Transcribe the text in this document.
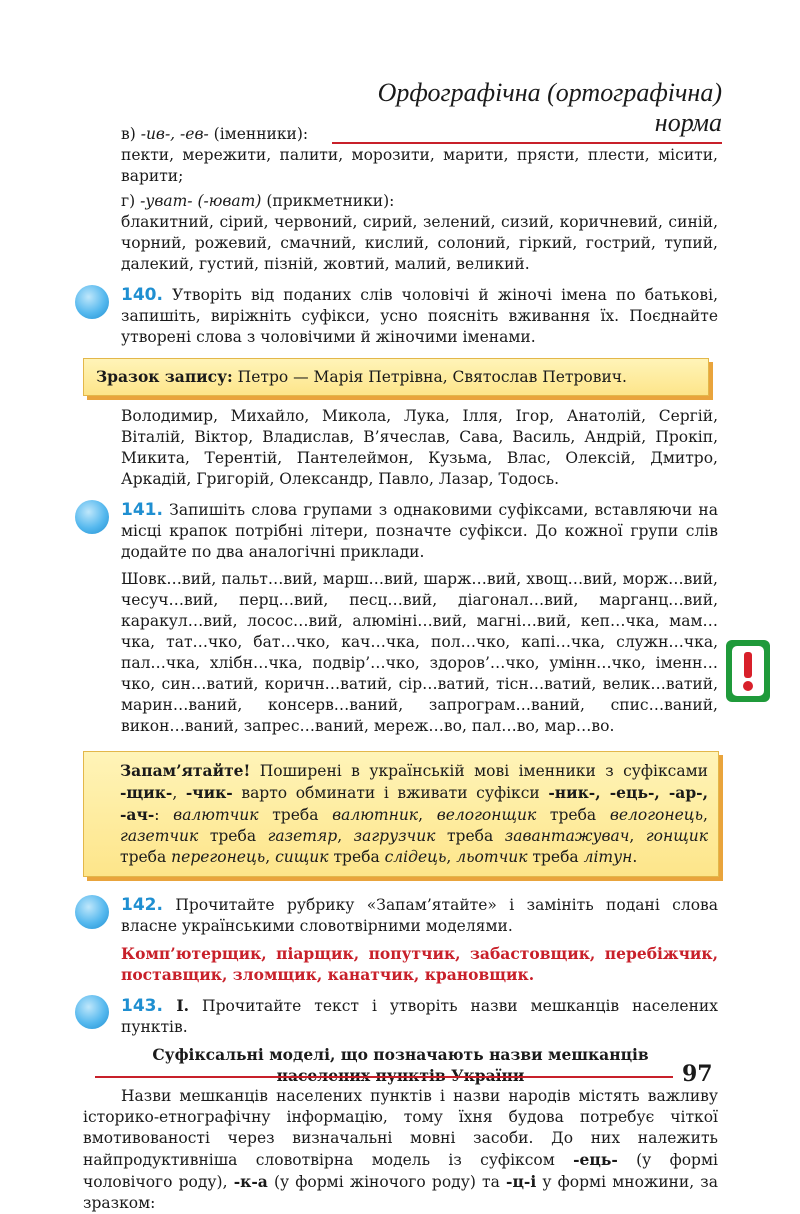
Орфографічна (ортографічна) норма

в) -ив-, -ев- (іменники):

пекти, мережити, палити, морозити, марити, прясти, плести, місити, варити;

г) -уват- (-юват) (прикметники):

блакитний, сірий, червоний, сирий, зелений, сизий, коричневий, синій, чорний, рожевий, смачний, кислий, солоний, гіркий, гострий, тупий, далекий, густий, пізній, жовтий, малий, великий.

140. Утворіть від поданих слів чоловічі й жіночі імена по батькові, запишіть, виріжніть суфікси, усно поясніть вживання їх. Поєднайте утворені слова з чоловічими й жіночими іменами.

Зразок запису: Петро — Марія Петрівна, Святослав Петрович.

Володимир, Михайло, Микола, Лука, Ілля, Ігор, Анатолій, Сергій, Віталій, Віктор, Владислав, В’ячеслав, Сава, Василь, Андрій, Прокіп, Микита, Терентій, Пантелеймон, Кузьма, Влас, Олексій, Дмитро, Аркадій, Григорій, Олександр, Павло, Лазар, Тодось.

141. Запишіть слова групами з однаковими суфіксами, вставляючи на місці крапок потрібні літери, позначте суфікси. До кожної групи слів додайте по два аналогічні приклади.

Шовк…вий, пальт…вий, марш…вий, шарж…вий, хвощ…вий, морж…вий, чесуч…вий, перц…вий, песц…вий, діагонал…вий, марганц…вий, каракул…вий, лосос…вий, алюміні…вий, магні…вий, кеп…чка, мам…чка, тат…чко, бат…чко, кач…чка, пол…чко, капі…чка, служн…чка, пал…чка, хлібн…чка, подвір’…чко, здоров’…чко, умінн…чко, іменн…чко, син…ватий, коричн…ватий, сір…ватий, тісн…ватий, велик…ватий, марин…ваний, консерв…ваний, запрограм…ваний, спис…ваний, викон…ваний, запрес…ваний, мереж…во, пал…во, мар…во.

Запам’ятайте! Поширені в українській мові іменники з суфіксами -щик-, -чик- варто обминати і вживати суфікси -ник-, -ець-, -ар-, -ач-: валютчик треба валютник, велогонщик треба велогонець, газетчик треба газетяр, загрузчик треба завантажувач, гонщик треба перегонець, сищик треба слідець, льотчик треба літун.

142. Прочитайте рубрику «Запам’ятайте» і замініть подані слова власне українськими словотвірними моделями.

Комп’ютерщик, піарщик, попутчик, забастовщик, перебіжчик, поставщик, зломщик, канатчик, крановщик.

143. I. Прочитайте текст і утворіть назви мешканців населених пунктів.

Суфіксальні моделі, що позначають назви мешканців

Назви мешканців населених пунктів і назви народів містять важливу історико-етнографічну інформацію, тому їхня будова потребує чіткої вмотивованості через визначальні мовні засоби. До них належить найпродуктивніша словотвірна модель із суфіксом -ець- (у формі чоловічого роду), -к-а (у формі жіночого роду) та -ц-і у формі множини, за зразком:

97
